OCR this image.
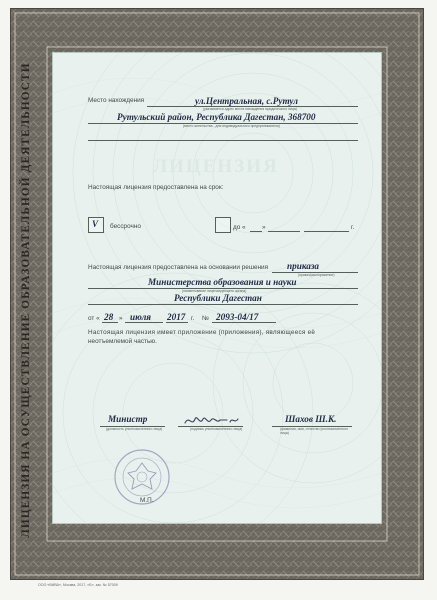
ЛИЦЕНЗИЯ НА ОСУЩЕСТВЛЕНИЕ ОБРАЗОВАТЕЛЬНОЙ ДЕЯТЕЛЬНОСТИ	ЛИЦЕНЗИЯ
Место нахождения	ул.Центральная, с.Рутул
(указывается адрес места нахождения юридического лица)
Рутульский район, Республика Дагестан, 368700
(место жительства - для индивидуального предпринимателя)
Настоящая лицензия предоставлена на срок:
V бессрочно	до «	»	г.
Настоящая лицензия предоставлена на основании решения приказа
(приказ/распоряжение)
Министерства образования и науки
(наименование лицензирующего органа)
Республики Дагестан
от « 28 » июля 2017 г. № 2093-04/17
Настоящая лицензия имеет приложение (приложения), являющееся её
неотъемлемой частью.
Министр
(должность уполномоченного лица)	(подпись уполномоченного лица)
Шахов Ш.К.
(фамилия, имя, отчество уполномоченного лица)
М.П.
ООО «ВИВА», Москва, 2017, «Б», зак. № 57009
